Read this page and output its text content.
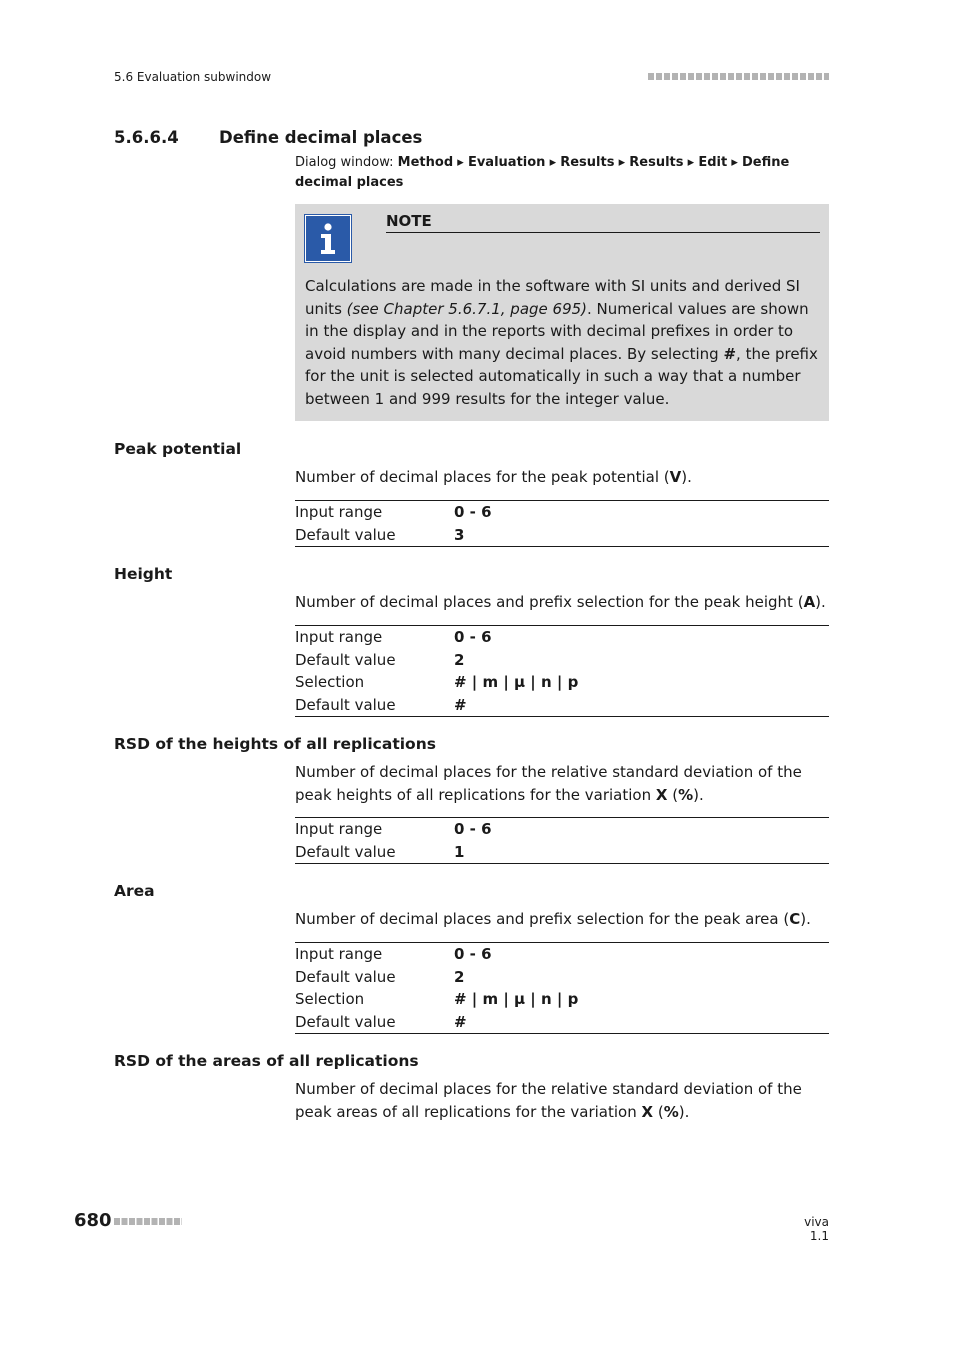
5.6 Evaluation subwindow
5.6.6.4 Define decimal places
Dialog window: Method ▸ Evaluation ▸ Results ▸ Results ▸ Edit ▸ Define decimal places
NOTE
Calculations are made in the software with SI units and derived SI units (see Chapter 5.6.7.1, page 695). Numerical values are shown in the display and in the reports with decimal prefixes in order to avoid numbers with many decimal places. By selecting #, the prefix for the unit is selected automatically in such a way that a number between 1 and 999 results for the integer value.
Peak potential
Number of decimal places for the peak potential (V).
Input range	0 - 6
Default value	3
Height
Number of decimal places and prefix selection for the peak height (A).
Input range	0 - 6
Default value	2
Selection	# | m | µ | n | p
Default value	#
RSD of the heights of all replications
Number of decimal places for the relative standard deviation of the peak heights of all replications for the variation X (%).
Input range	0 - 6
Default value	1
Area
Number of decimal places and prefix selection for the peak area (C).
Input range	0 - 6
Default value	2
Selection	# | m | µ | n | p
Default value	#
RSD of the areas of all replications
Number of decimal places for the relative standard deviation of the peak areas of all replications for the variation X (%).
680	viva 1.1
